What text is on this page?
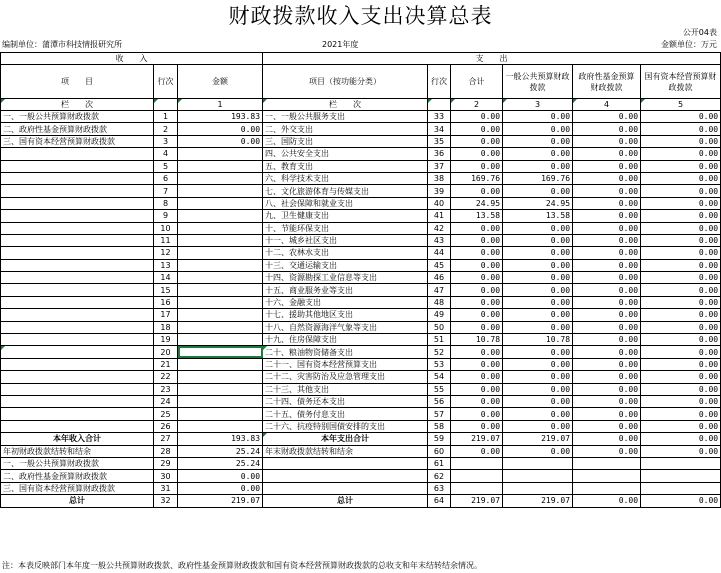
财政拨款收入支出决算总表
公开04表
编制单位：蒲潭市科技情报研究所	2021年度	金额单位：万元
收　　入			支　　出					
项　　目	行次	金额	项目（按功能分类）	行次	合计	一般公共预算财政拨款	政府性基金预算财政拨款	国有资本经营预算财政拨款
栏　　次		1	栏　　次		2	3	4	5
一、一般公共预算财政拨款	1	193.83	一、一般公共服务支出	33	0.00	0.00	0.00	0.00
二、政府性基金预算财政拨款	2	0.00	二、外交支出	34	0.00	0.00	0.00	0.00
三、国有资本经营预算财政拨款	3	0.00	三、国防支出	35	0.00	0.00	0.00	0.00
	4		四、公共安全支出	36	0.00	0.00	0.00	0.00
	5		五、教育支出	37	0.00	0.00	0.00	0.00
	6		六、科学技术支出	38	169.76	169.76	0.00	0.00
	7		七、文化旅游体育与传媒支出	39	0.00	0.00	0.00	0.00
	8		八、社会保障和就业支出	40	24.95	24.95	0.00	0.00
	9		九、卫生健康支出	41	13.58	13.58	0.00	0.00
	10		十、节能环保支出	42	0.00	0.00	0.00	0.00
	11		十一、城乡社区支出	43	0.00	0.00	0.00	0.00
	12		十二、农林水支出	44	0.00	0.00	0.00	0.00
	13		十三、交通运输支出	45	0.00	0.00	0.00	0.00
	14		十四、资源勘探工业信息等支出	46	0.00	0.00	0.00	0.00
	15		十五、商业服务业等支出	47	0.00	0.00	0.00	0.00
	16		十六、金融支出	48	0.00	0.00	0.00	0.00
	17		十七、援助其他地区支出	49	0.00	0.00	0.00	0.00
	18		十八、自然资源海洋气象等支出	50	0.00	0.00	0.00	0.00
	19		十九、住房保障支出	51	10.78	10.78	0.00	0.00
	20		二十、粮油物资储备支出	52	0.00	0.00	0.00	0.00
	21		二十一、国有资本经营预算支出	53	0.00	0.00	0.00	0.00
	22		二十二、灾害防治及应急管理支出	54	0.00	0.00	0.00	0.00
	23		二十三、其他支出	55	0.00	0.00	0.00	0.00
	24		二十四、债务还本支出	56	0.00	0.00	0.00	0.00
	25		二十五、债务付息支出	57	0.00	0.00	0.00	0.00
	26		二十六、抗疫特别国债安排的支出	58	0.00	0.00	0.00	0.00
本年收入合计	27	193.83	本年支出合计	59	219.07	219.07	0.00	0.00
年初财政拨款结转和结余	28	25.24	年末财政拨款结转和结余	60	0.00	0.00	0.00	0.00
一、一般公共预算财政拨款	29	25.24		61				
二、政府性基金预算财政拨款	30	0.00		62				
三、国有资本经营预算财政拨款	31	0.00		63				
总计	32	219.07	总计	64	219.07	219.07	0.00	0.00
注：本表反映部门本年度一般公共预算财政拨款、政府性基金预算财政拨款和国有资本经营预算财政拨款的总收支和年末结转结余情况。
